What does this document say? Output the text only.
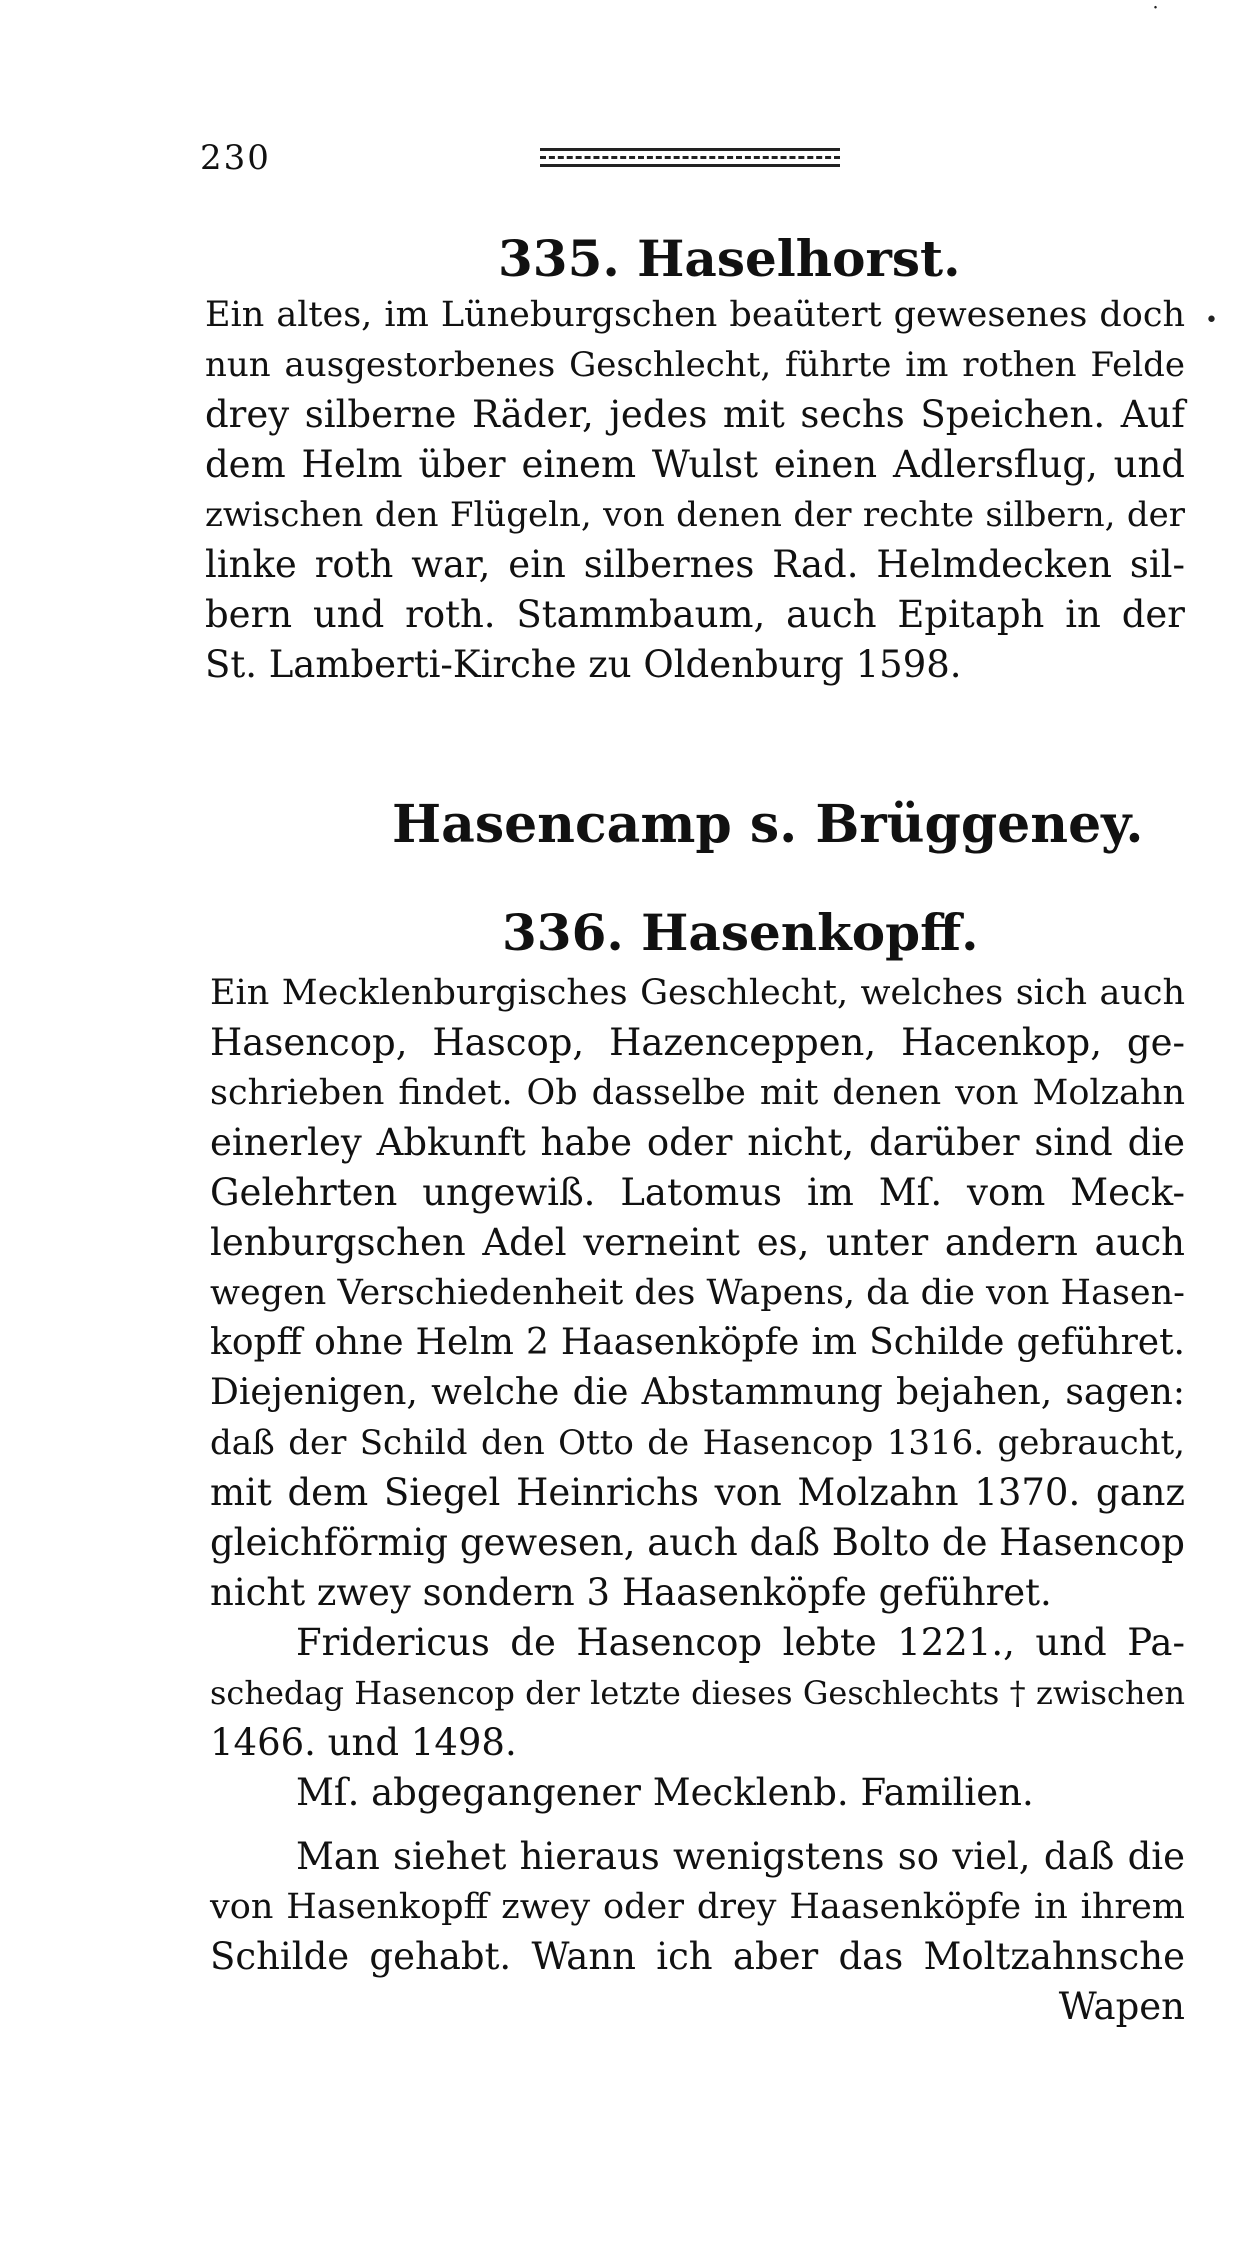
230
˙
•
335. Haselhorst.
Ein altes, im Lüneburgschen beaütert gewesenes doch
nun ausgestorbenes Geschlecht, führte im rothen Felde
drey silberne Räder, jedes mit sechs Speichen. Auf
dem Helm über einem Wulst einen Adlersflug, und
zwischen den Flügeln, von denen der rechte silbern, der
linke roth war, ein silbernes Rad. Helmdecken sil-
bern und roth. Stammbaum, auch Epitaph in der
St. Lamberti-Kirche zu Oldenburg 1598.
Hasencamp s. Brüggeney.
336. Hasenkopff.
Ein Mecklenburgisches Geschlecht, welches sich auch
Hasencop, Hascop, Hazenceppen, Hacenkop, ge-
schrieben findet. Ob dasselbe mit denen von Molzahn
einerley Abkunft habe oder nicht, darüber sind die
Gelehrten ungewiß. Latomus im Mſ. vom Meck-
lenburgschen Adel verneint es, unter andern auch
wegen Verschiedenheit des Wapens, da die von Hasen-
kopff ohne Helm 2 Haasenköpfe im Schilde geführet.
Diejenigen, welche die Abstammung bejahen, sagen:
daß der Schild den Otto de Hasencop 1316. gebraucht,
mit dem Siegel Heinrichs von Molzahn 1370. ganz
gleichförmig gewesen, auch daß Bolto de Hasencop
nicht zwey sondern 3 Haasenköpfe geführet.
Fridericus de Hasencop lebte 1221., und Pa-
schedag Hasencop der letzte dieses Geschlechts † zwischen
1466. und 1498.
Mſ. abgegangener Mecklenb. Familien.
Man siehet hieraus wenigstens so viel, daß die
von Hasenkopff zwey oder drey Haasenköpfe in ihrem
Schilde gehabt. Wann ich aber das Moltzahnsche
Wapen
